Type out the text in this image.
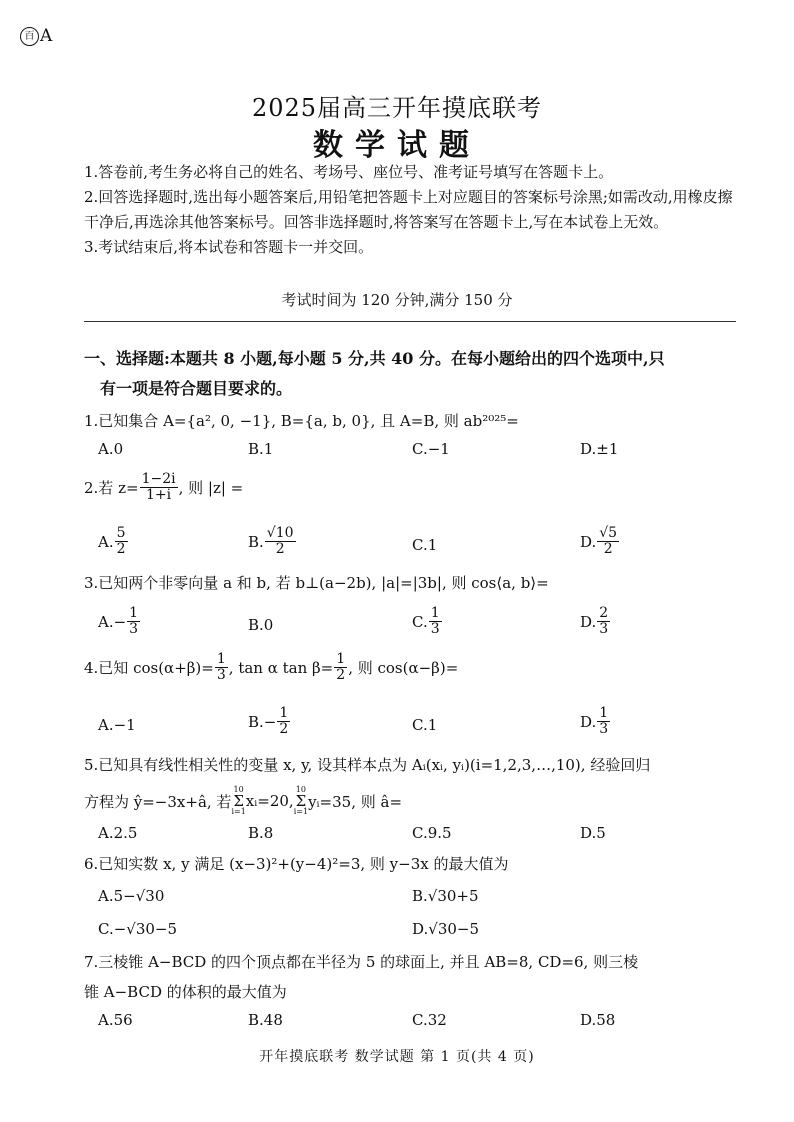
百 A
2025届高三开年摸底联考
数学试题

1.答卷前,考生务必将自己的姓名、考场号、座位号、准考证号填写在答题卡上。

2.回答选择题时,选出每小题答案后,用铅笔把答题卡上对应题目的答案标号涂黑;如需改动,用橡皮擦干净后,再选涂其他答案标号。回答非选择题时,将答案写在答题卡上,写在本试卷上无效。

3.考试结束后,将本试卷和答题卡一并交回。

考试时间为 120 分钟,满分 150 分
一、选择题:本题共 8 小题,每小题 5 分,共 40 分。在每小题给出的四个选项中,只
有一项是符合题目要求的。
1.已知集合 A={a², 0, −1}, B={a, b, 0}, 且 A=B, 则 ab²⁰²⁵=
A.0	B.1	C.−1	D.±1
2.若 $z= \frac{1-2i}{1+i}$ , 则 |z| =
A. $\frac{5}{2}$	B. $\frac{√10}{2}$	C.1	D. $\frac{√5}{2}$
3.已知两个非零向量 a 和 b, 若 b⊥(a−2b), |a|=|3b|, 则 cos⟨a, b⟩=
$A.- \frac{1}{3}$	B.0	C. $\frac{1}{3}$	D. $\frac{2}{3}$
4.已知 $\cos(\alpha+\beta)= \frac{1}{3}$ , tan α $\tan \beta= \frac{1}{2}$ , 则 cos(α−β)=
A.−1	$B.- \frac{1}{2}$	C.1	D. $\frac{1}{3}$
5.已知具有线性相关性的变量 x, y, 设其样本点为 Aᵢ(xᵢ, yᵢ)(i=1,2,3,…,10), 经验回归
方程为 ŷ=−3x+â, 若
10
Σ
i=1
xᵢ=20,
10
Σ
i=1
yᵢ=35, 则 â=
A.2.5	B.8	C.9.5	D.5
6.已知实数 x, y 满足 (x−3)²+(y−4)²=3, 则 y−3x 的最大值为
A.5−√30	B.√30+5
C.−√30−5	D.√30−5
7.三棱锥 A−BCD 的四个顶点都在半径为 5 的球面上, 并且 AB=8, CD=6, 则三棱
锥 A−BCD 的体积的最大值为
A.56	B.48	C.32	D.58
开年摸底联考 数学试题 第 1 页(共 4 页)
